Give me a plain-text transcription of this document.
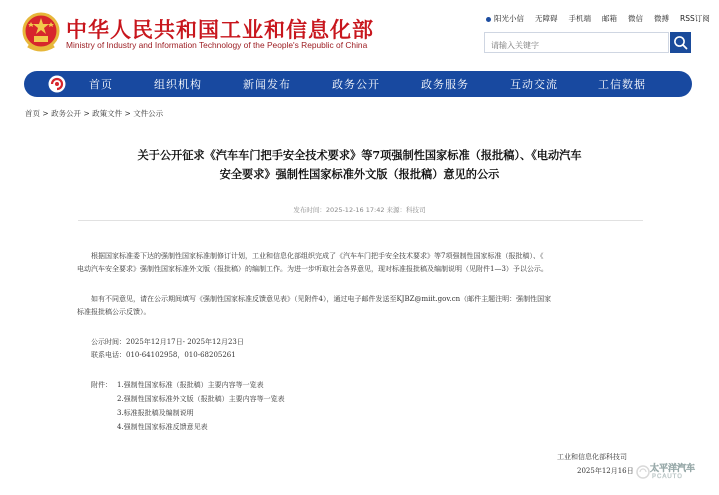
中华人民共和国工业和信息化部
Ministry of Industry and Information Technology of the People's Republic of China
阳光小信 无障碍 手机端 邮箱 微信 微搏 RSS订阅
请输入关键字
首页	组织机构	新闻发布	政务公开	政务服务	互动交流	工信数据
首页 > 政务公开 > 政策文件 > 文件公示
关于公开征求《汽车车门把手安全技术要求》等7项强制性国家标准（报批稿）、《电动汽车
安全要求》强制性国家标准外文版（报批稿）意见的公示
发布时间：2025-12-16 17:42 来源：科技司
根据国家标准委下达的强制性国家标准制修订计划，工业和信息化部组织完成了《汽车车门把手安全技术要求》等7项强制性国家标准（报批稿）、《
电动汽车安全要求》强制性国家标准外文版（报批稿）的编制工作。为进一步听取社会各界意见，现对标准报批稿及编制说明（见附件1—3）予以公示。
如有不同意见，请在公示期间填写《强制性国家标准反馈意见表》（见附件4），通过电子邮件发送至KJBZ@miit.gov.cn（邮件主题注明：强制性国家
标准报批稿公示反馈）。
公示时间：2025年12月17日- 2025年12月23日
联系电话：010-64102958，010-68205261
附件： 1.强制性国家标准（报批稿）主要内容等一览表
2.强制性国家标准外文版（报批稿）主要内容等一览表
3.标准报批稿及编制说明
4.强制性国家标准反馈意见表
工业和信息化部科技司
2025年12月16日 太平洋汽车
PCAUTO
